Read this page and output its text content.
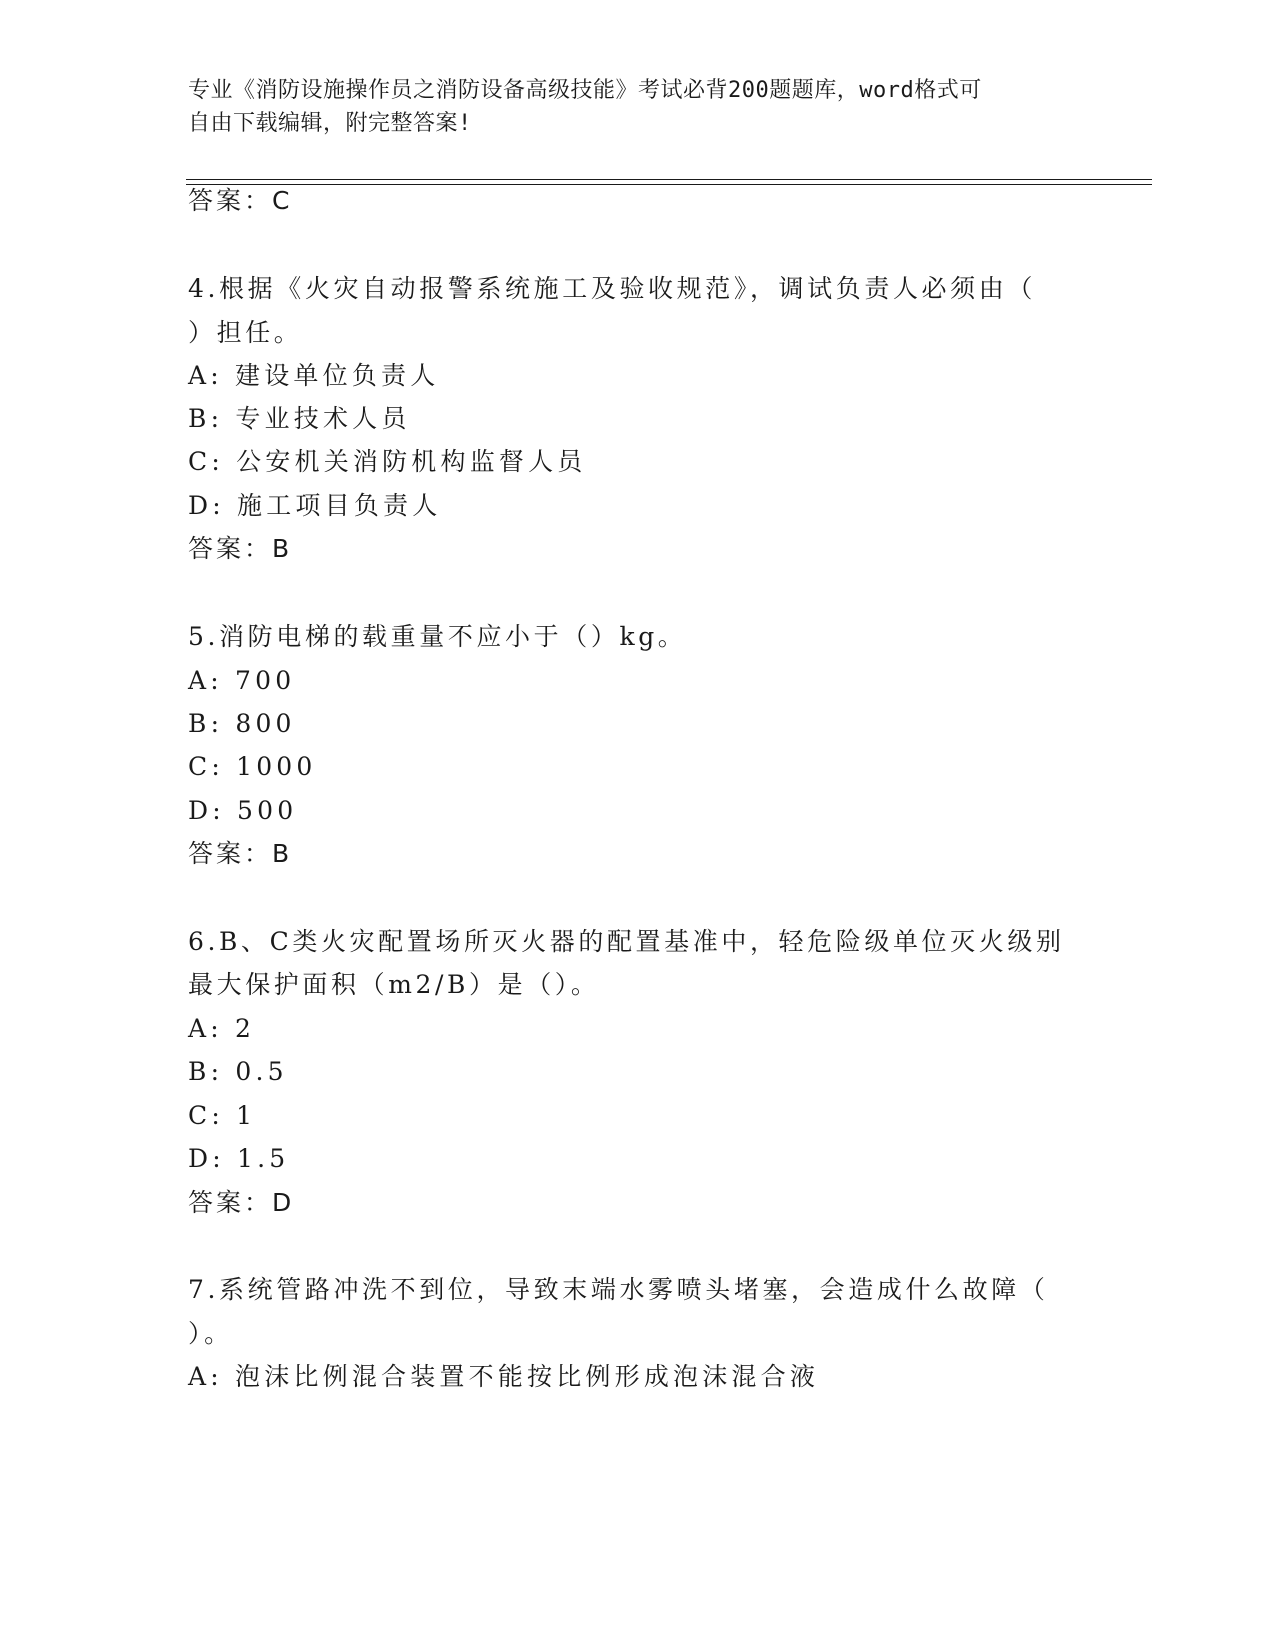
专业《消防设施操作员之消防设备高级技能》考试必背200题题库，word格式可
自由下载编辑，附完整答案!
答案：C
4.根据《火灾自动报警系统施工及验收规范》，调试负责人必须由（
）担任。
A: 建设单位负责人
B: 专业技术人员
C: 公安机关消防机构监督人员
D: 施工项目负责人
答案：B
5.消防电梯的载重量不应小于（）kg。
A: 700
B: 800
C: 1000
D: 500
答案：B
6.B、C类火灾配置场所灭火器的配置基准中，轻危险级单位灭火级别
最大保护面积（m2/B）是（）。
A: 2
B: 0.5
C: 1
D: 1.5
答案：D
7.系统管路冲洗不到位，导致末端水雾喷头堵塞，会造成什么故障（
）。
A: 泡沫比例混合装置不能按比例形成泡沫混合液
